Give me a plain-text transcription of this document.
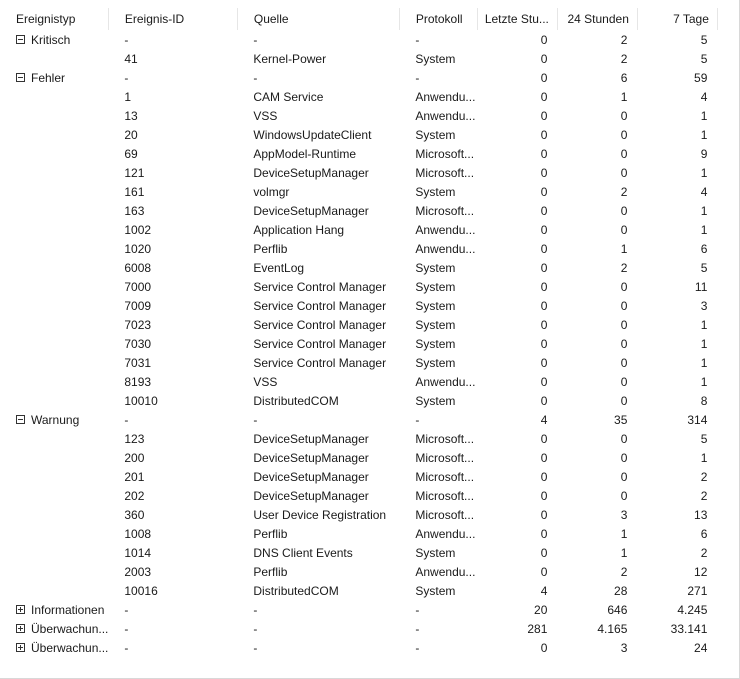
Ereignistyp	Ereignis-ID	Quelle	Protokoll	Letzte Stu...	24 Stunden	7 Tage

Kritisch	-	-	-	0	2	5

	41	Kernel-Power	System	0	2	5

Fehler	-	-	-	0	6	59

	1	CAM Service	Anwendu...	0	1	4

	13	VSS	Anwendu...	0	0	1

	20	WindowsUpdateClient	System	0	0	1

	69	AppModel-Runtime	Microsoft...	0	0	9

	121	DeviceSetupManager	Microsoft...	0	0	1

	161	volmgr	System	0	2	4

	163	DeviceSetupManager	Microsoft...	0	0	1

	1002	Application Hang	Anwendu...	0	0	1

	1020	Perflib	Anwendu...	0	1	6

	6008	EventLog	System	0	2	5

	7000	Service Control Manager	System	0	0	11

	7009	Service Control Manager	System	0	0	3

	7023	Service Control Manager	System	0	0	1

	7030	Service Control Manager	System	0	0	1

	7031	Service Control Manager	System	0	0	1

	8193	VSS	Anwendu...	0	0	1

	10010	DistributedCOM	System	0	0	8

Warnung	-	-	-	4	35	314

	123	DeviceSetupManager	Microsoft...	0	0	5

	200	DeviceSetupManager	Microsoft...	0	0	1

	201	DeviceSetupManager	Microsoft...	0	0	2

	202	DeviceSetupManager	Microsoft...	0	0	2

	360	User Device Registration	Microsoft...	0	3	13

	1008	Perflib	Anwendu...	0	1	6

	1014	DNS Client Events	System	0	1	2

	2003	Perflib	Anwendu...	0	2	12

	10016	DistributedCOM	System	4	28	271

Informationen	-	-	-	20	646	4.245

Überwachun...	-	-	-	281	4.165	33.141

Überwachun...	-	-	-	0	3	24
